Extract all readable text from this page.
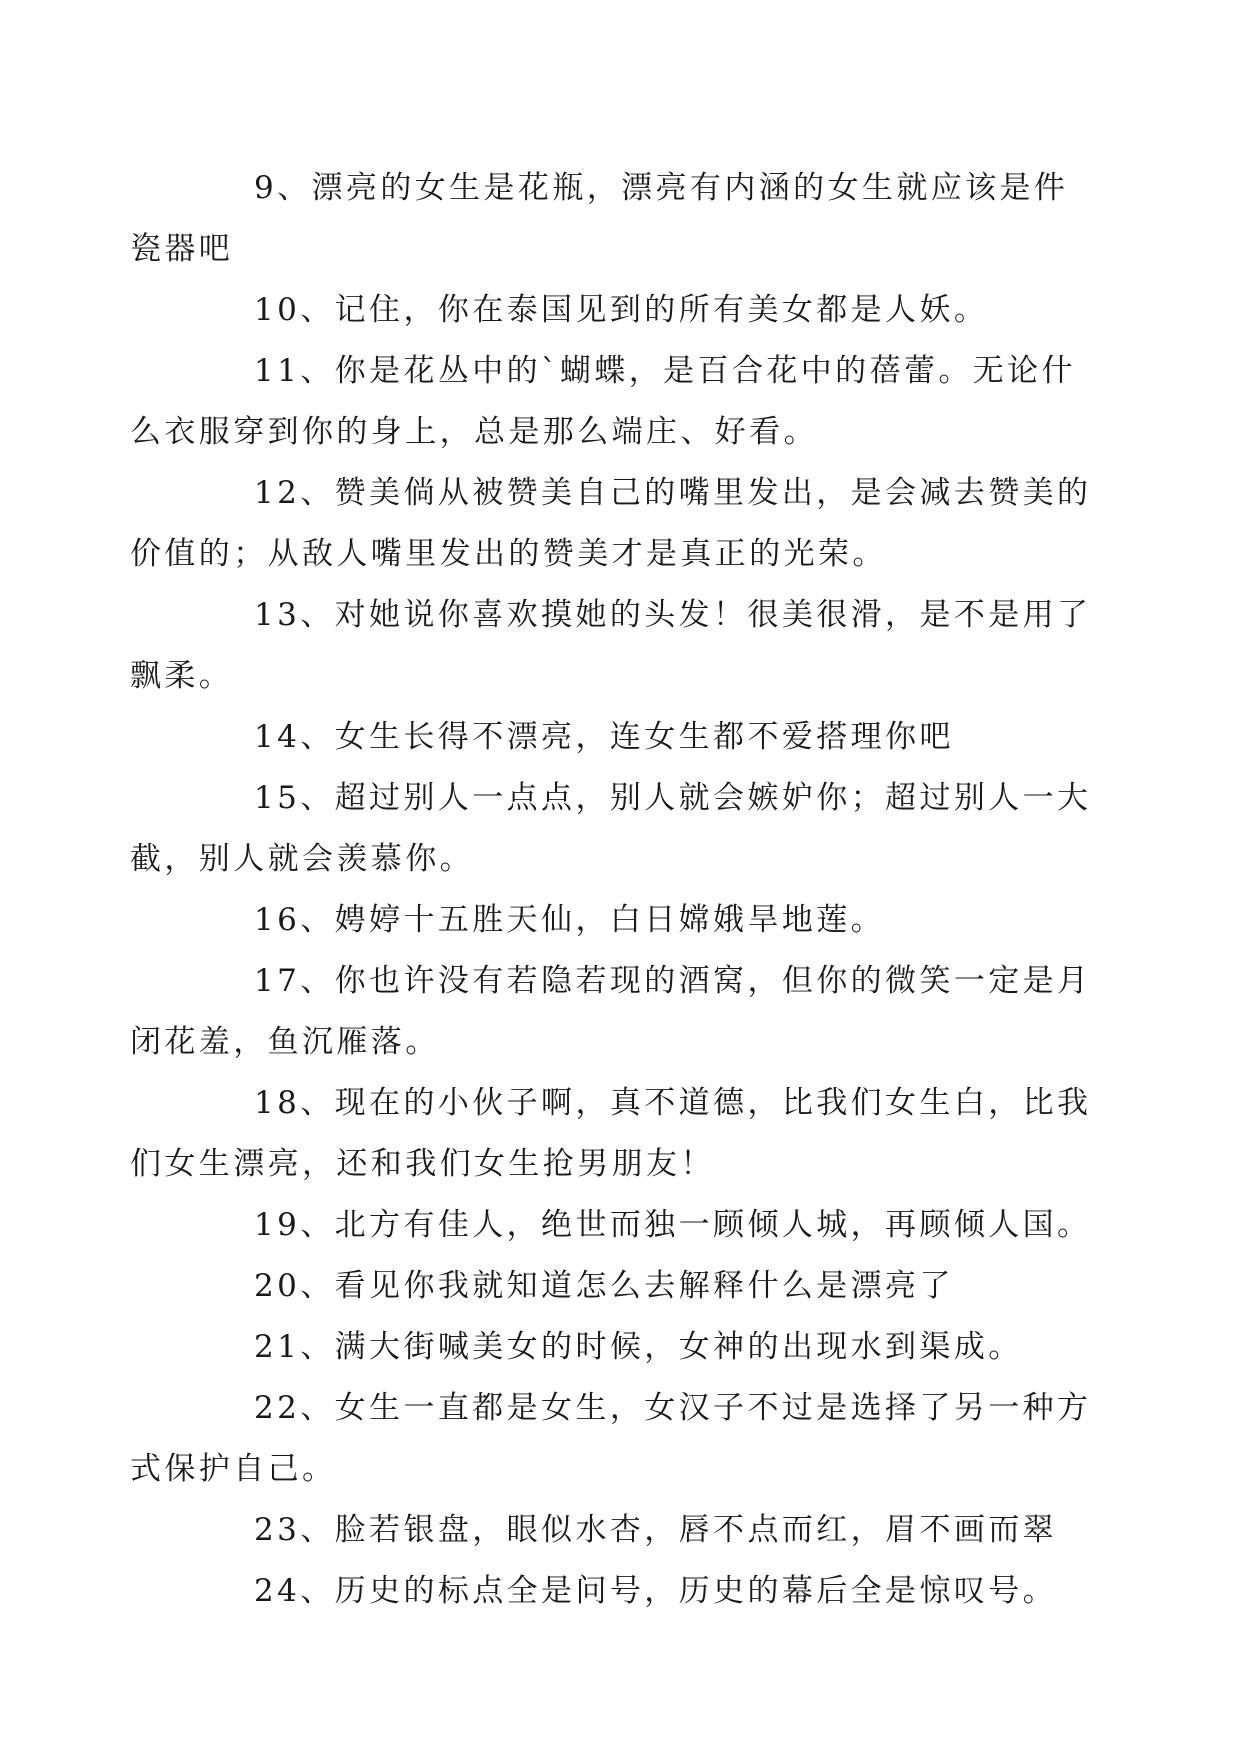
9、漂亮的女生是花瓶，漂亮有内涵的女生就应该是件
瓷器吧

10、记住，你在泰国见到的所有美女都是人妖。

11、你是花丛中的`蝴蝶，是百合花中的蓓蕾。无论什
么衣服穿到你的身上，总是那么端庄、好看。

12、赞美倘从被赞美自己的嘴里发出，是会减去赞美的
价值的；从敌人嘴里发出的赞美才是真正的光荣。

13、对她说你喜欢摸她的头发！很美很滑，是不是用了
飘柔。

14、女生长得不漂亮，连女生都不爱搭理你吧

15、超过别人一点点，别人就会嫉妒你；超过别人一大
截，别人就会羡慕你。

16、娉婷十五胜天仙，白日嫦娥旱地莲。

17、你也许没有若隐若现的酒窝，但你的微笑一定是月
闭花羞，鱼沉雁落。

18、现在的小伙子啊，真不道德，比我们女生白，比我
们女生漂亮，还和我们女生抢男朋友！

19、北方有佳人，绝世而独一顾倾人城，再顾倾人国。

20、看见你我就知道怎么去解释什么是漂亮了

21、满大街喊美女的时候，女神的出现水到渠成。

22、女生一直都是女生，女汉子不过是选择了另一种方
式保护自己。

23、脸若银盘，眼似水杏，唇不点而红，眉不画而翠

24、历史的标点全是问号，历史的幕后全是惊叹号。
